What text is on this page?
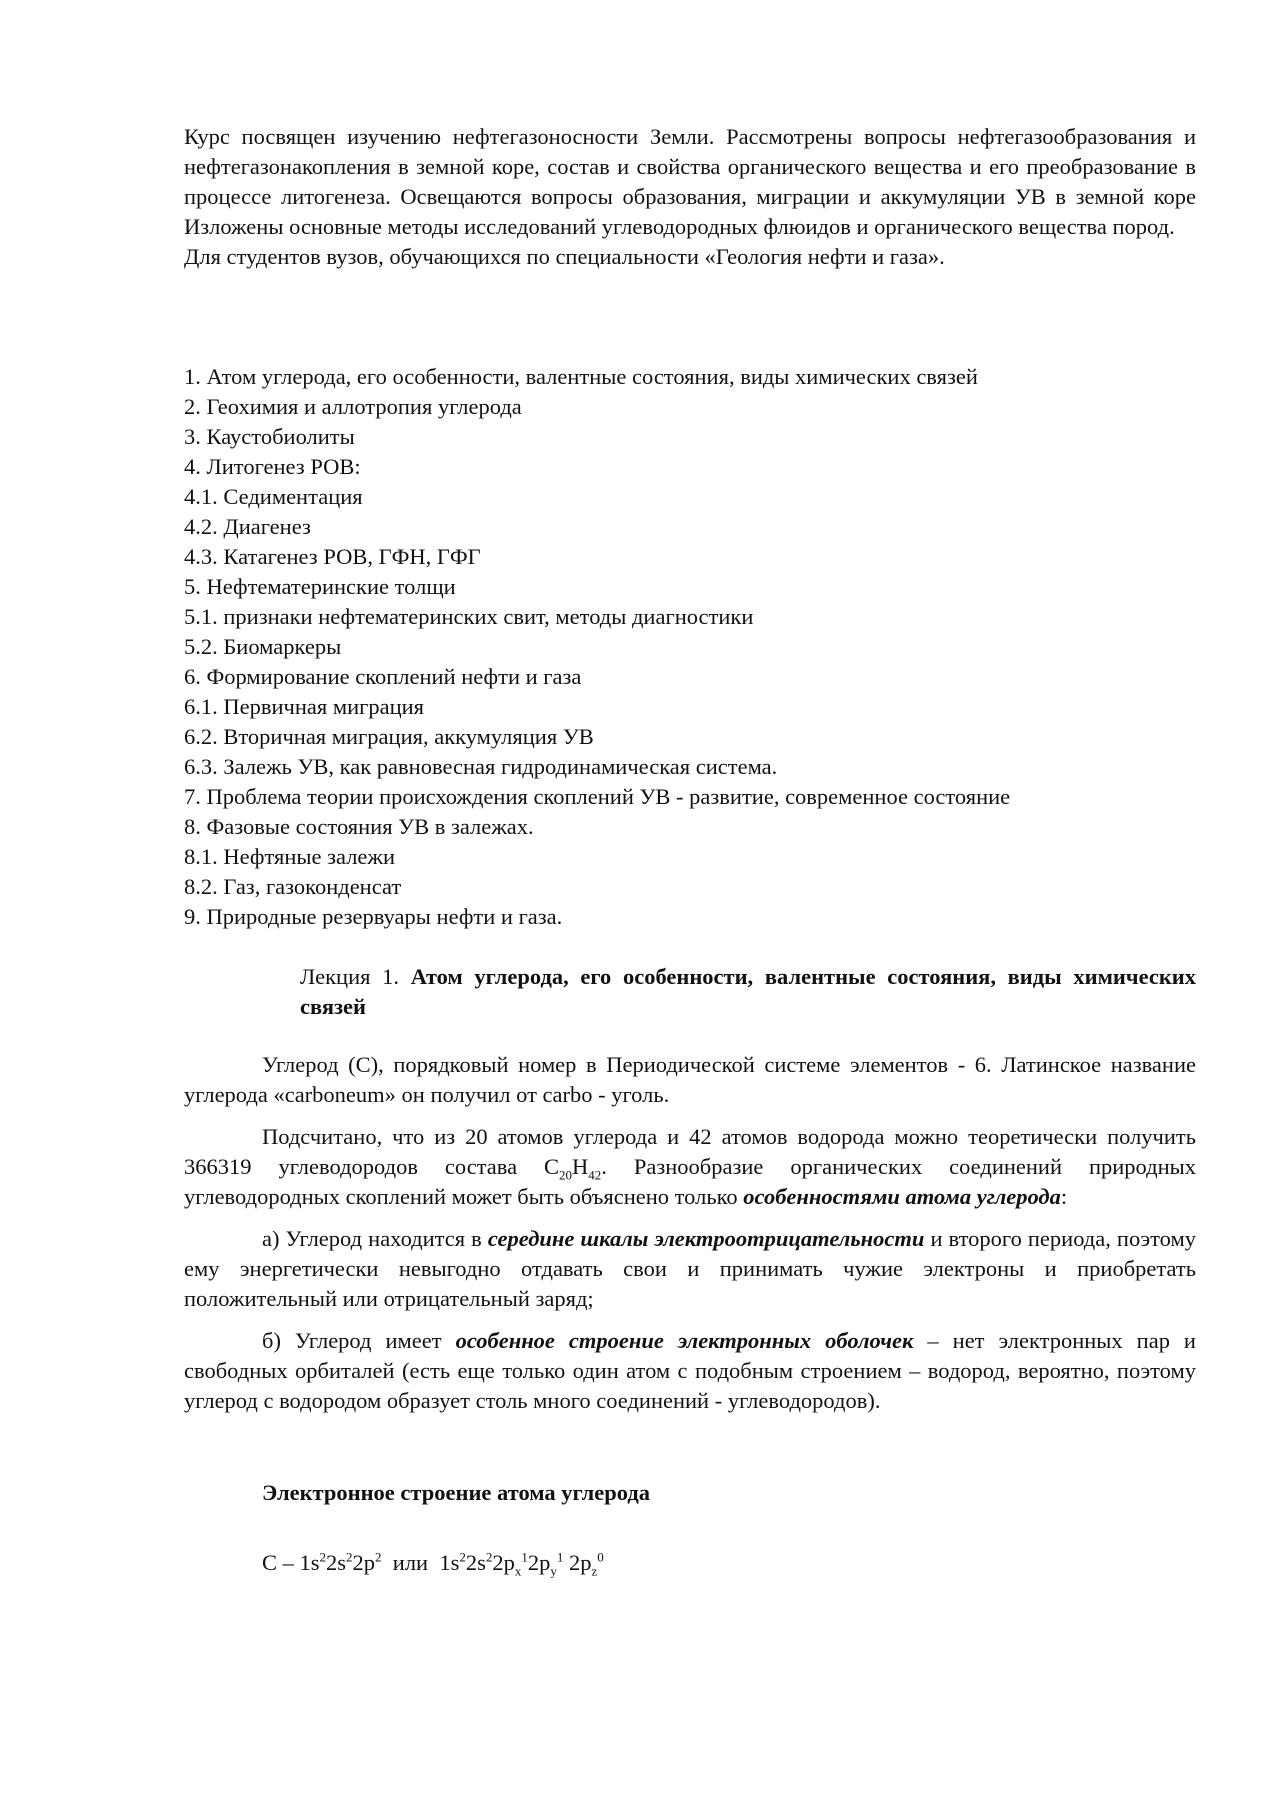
Курс посвящен изучению нефтегазоносности Земли. Рассмотрены вопросы нефтегазообразования и нефтегазонакопления в земной коре, состав и свойства органического вещества и его преобразование в процессе литогенеза. Освещаются вопросы образования, миграции и аккумуляции УВ в земной коре Изложены основные методы исследований углеводородных флюидов и органического вещества пород.

Для студентов вузов, обучающихся по специальности «Геология нефти и газа».

1. Атом углерода, его особенности, валентные состояния, виды химических связей
2. Геохимия и аллотропия углерода
3. Каустобиолиты
4. Литогенез РОВ:
4.1. Седиментация
4.2. Диагенез
4.3. Катагенез РОВ, ГФН, ГФГ
5. Нефтематеринские толщи
5.1. признаки нефтематеринских свит, методы диагностики
5.2. Биомаркеры
6. Формирование скоплений нефти и газа
6.1. Первичная миграция
6.2. Вторичная миграция, аккумуляция УВ
6.3. Залежь УВ, как равновесная гидродинамическая система.
7. Проблема теории происхождения скоплений УВ - развитие, современное состояние
8. Фазовые состояния УВ в залежах.
8.1. Нефтяные залежи
8.2. Газ, газоконденсат
9. Природные резервуары нефти и газа.

Лекция 1. Атом углерода, его особенности, валентные состояния, виды химических связей

Углерод (С), порядковый номер в Периодической системе элементов - 6. Латинское название углерода «carboneum» он получил от carbo - уголь.

Подсчитано, что из 20 атомов углерода и 42 атомов водорода можно теоретически получить 366319 углеводородов состава $С_{20}Н_{42}$. Разнообразие органических соединений природных углеводородных скоплений может быть объяснено только особенностями атома углерода:

а) Углерод находится в середине шкалы электроотрицательности и второго периода, поэтому ему энергетически невыгодно отдавать свои и принимать чужие электроны и приобретать положительный или отрицательный заряд;

б) Углерод имеет особенное строение электронных оболочек – нет электронных пар и свободных орбиталей (есть еще только один атом с подобным строением – водород, вероятно, поэтому углерод с водородом образует столь много соединений - углеводородов).

Электронное строение атома углерода

С – $1s^22s^22p^2$  или  $1s^22s^22p_x^12p_y^1$ $2p_z^0$
